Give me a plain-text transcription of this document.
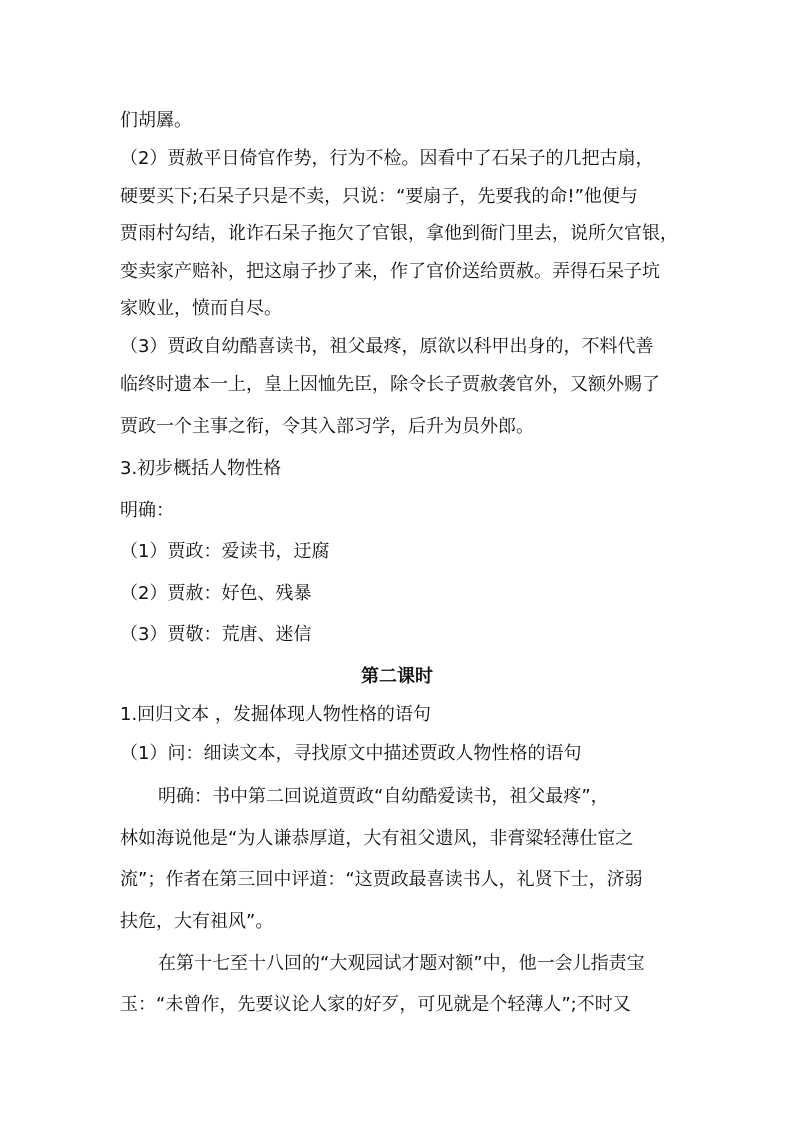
们胡羼。
（2）贾赦平日倚官作势，行为不检。因看中了石呆子的几把古扇，
硬要买下;石呆子只是不卖，只说：“要扇子，先要我的命!”他便与
贾雨村勾结，讹诈石呆子拖欠了官银，拿他到衙门里去，说所欠官银，
变卖家产赔补，把这扇子抄了来，作了官价送给贾赦。弄得石呆子坑
家败业，愤而自尽。
（3）贾政自幼酷喜读书，祖父最疼，原欲以科甲出身的，不料代善
临终时遗本一上，皇上因恤先臣，除令长子贾赦袭官外，又额外赐了
贾政一个主事之衔，令其入部习学，后升为员外郎。
3.初步概括人物性格
明确：
（1）贾政：爱读书，迂腐
（2）贾赦：好色、残暴
（3）贾敬：荒唐、迷信
第二课时
1.回归文本 ，发掘体现人物性格的语句
（1）问：细读文本，寻找原文中描述贾政人物性格的语句
明确：书中第二回说道贾政“自幼酷爱读书，祖父最疼”，
林如海说他是“为人谦恭厚道，大有祖父遗风，非膏粱轻薄仕宦之
流”；作者在第三回中评道：“这贾政最喜读书人，礼贤下士，济弱
扶危，大有祖风”。
在第十七至十八回的“大观园试才题对额”中，他一会儿指责宝
玉：“未曾作，先要议论人家的好歹，可见就是个轻薄人”;不时又
